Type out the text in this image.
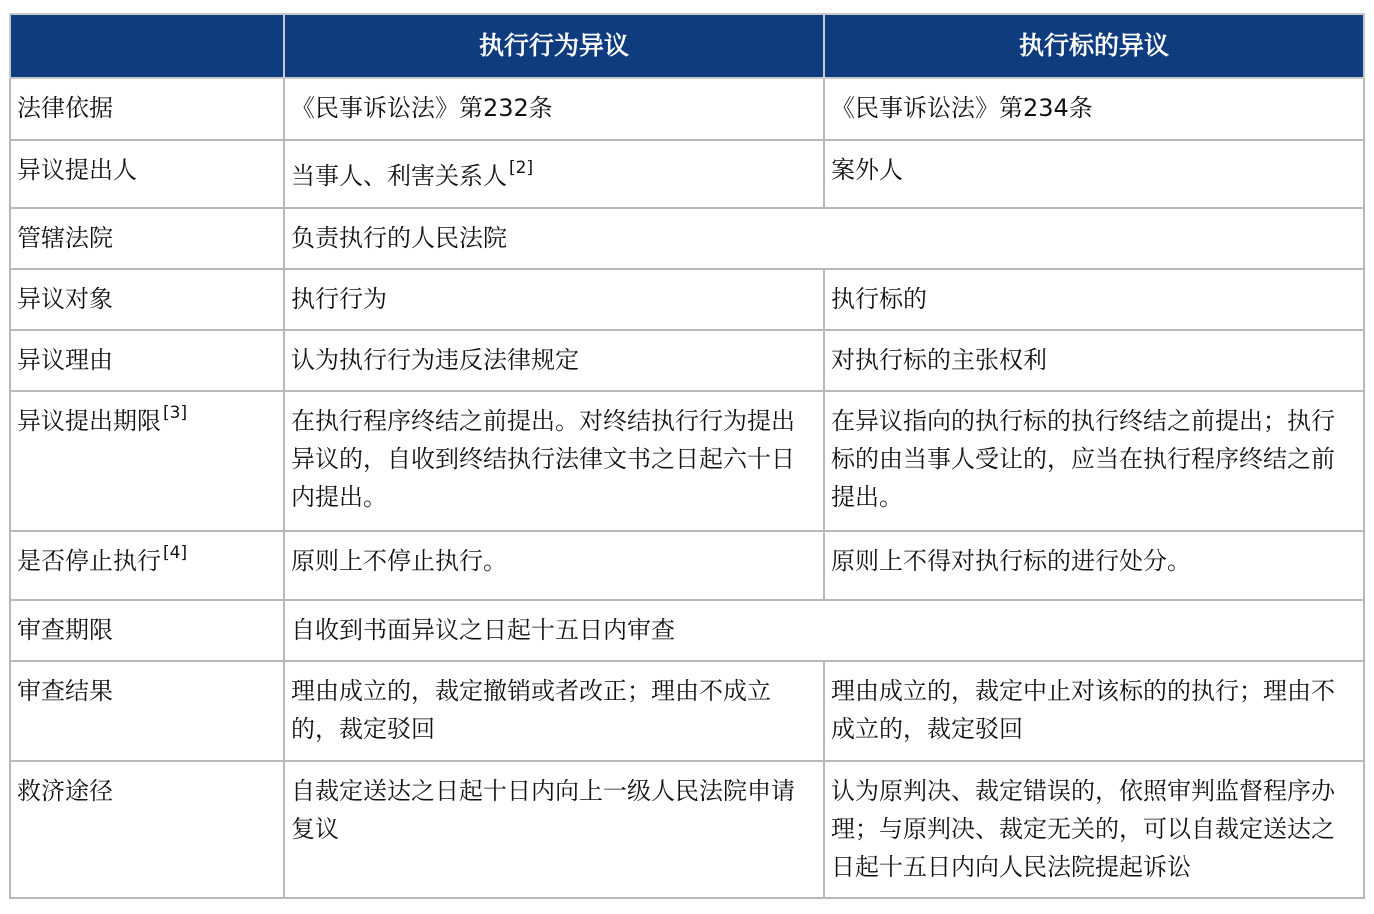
	执行行为异议	执行标的异议
法律依据	《民事诉讼法》第232条	《民事诉讼法》第234条
异议提出人	当事人、利害关系人 [2]	案外人
管辖法院	负责执行的人民法院	
异议对象	执行行为	执行标的
异议理由	认为执行行为违反法律规定	对执行标的主张权利
异议提出期限 [3]	在执行程序终结之前提出。对终结执行行为提出异议的，自收到终结执行法律文书之日起六十日内提出。	在异议指向的执行标的执行终结之前提出；执行标的由当事人受让的，应当在执行程序终结之前提出。
是否停止执行 [4]	原则上不停止执行。	原则上不得对执行标的进行处分。
审查期限	自收到书面异议之日起十五日内审查	
审查结果	理由成立的，裁定撤销或者改正；理由不成立的，裁定驳回	理由成立的，裁定中止对该标的的执行；理由不成立的，裁定驳回
救济途径	自裁定送达之日起十日内向上一级人民法院申请复议	认为原判决、裁定错误的，依照审判监督程序办理；与原判决、裁定无关的，可以自裁定送达之日起十五日内向人民法院提起诉讼
